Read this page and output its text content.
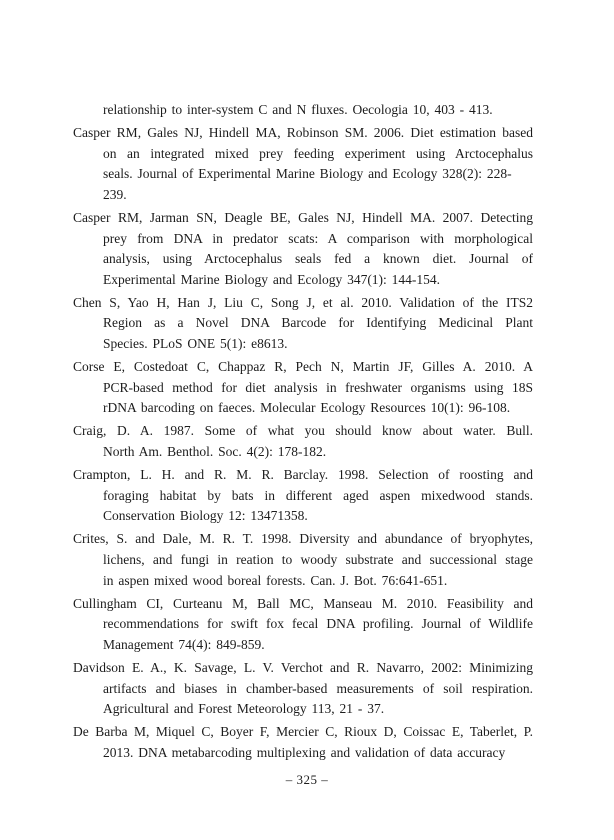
relationship to inter-system C and N fluxes. Oecologia 10, 403 - 413.
Casper RM, Gales NJ, Hindell MA, Robinson SM. 2006. Diet estimation based
on an integrated mixed prey feeding experiment using Arctocephalus
seals. Journal of Experimental Marine Biology and Ecology 328(2): 228-239.
Casper RM, Jarman SN, Deagle BE, Gales NJ, Hindell MA. 2007. Detecting
prey from DNA in predator scats: A comparison with morphological
analysis, using Arctocephalus seals fed a known diet. Journal of
Experimental Marine Biology and Ecology 347(1): 144-154.
Chen S, Yao H, Han J, Liu C, Song J, et al. 2010. Validation of the ITS2
Region as a Novel DNA Barcode for Identifying Medicinal Plant
Species. PLoS ONE 5(1): e8613.
Corse E, Costedoat C, Chappaz R, Pech N, Martin JF, Gilles A. 2010. A
PCR-based method for diet analysis in freshwater organisms using 18S
rDNA barcoding on faeces. Molecular Ecology Resources 10(1): 96-108.
Craig, D. A. 1987. Some of what you should know about water. Bull.
North Am. Benthol. Soc. 4(2): 178-182.
Crampton, L. H. and R. M. R. Barclay. 1998. Selection of roosting and
foraging habitat by bats in different aged aspen mixedwood stands.
Conservation Biology 12: 13471358.
Crites, S. and Dale, M. R. T. 1998. Diversity and abundance of bryophytes,
lichens, and fungi in reation to woody substrate and successional stage
in aspen mixed wood boreal forests. Can. J. Bot. 76:641-651.
Cullingham CI, Curteanu M, Ball MC, Manseau M. 2010. Feasibility and
recommendations for swift fox fecal DNA profiling. Journal of Wildlife
Management 74(4): 849-859.
Davidson E. A., K. Savage, L. V. Verchot and R. Navarro, 2002: Minimizing
artifacts and biases in chamber-based measurements of soil respiration.
Agricultural and Forest Meteorology 113, 21 - 37.
De Barba M, Miquel C, Boyer F, Mercier C, Rioux D, Coissac E, Taberlet, P.
2013. DNA metabarcoding multiplexing and validation of data accuracy
– 325 –
